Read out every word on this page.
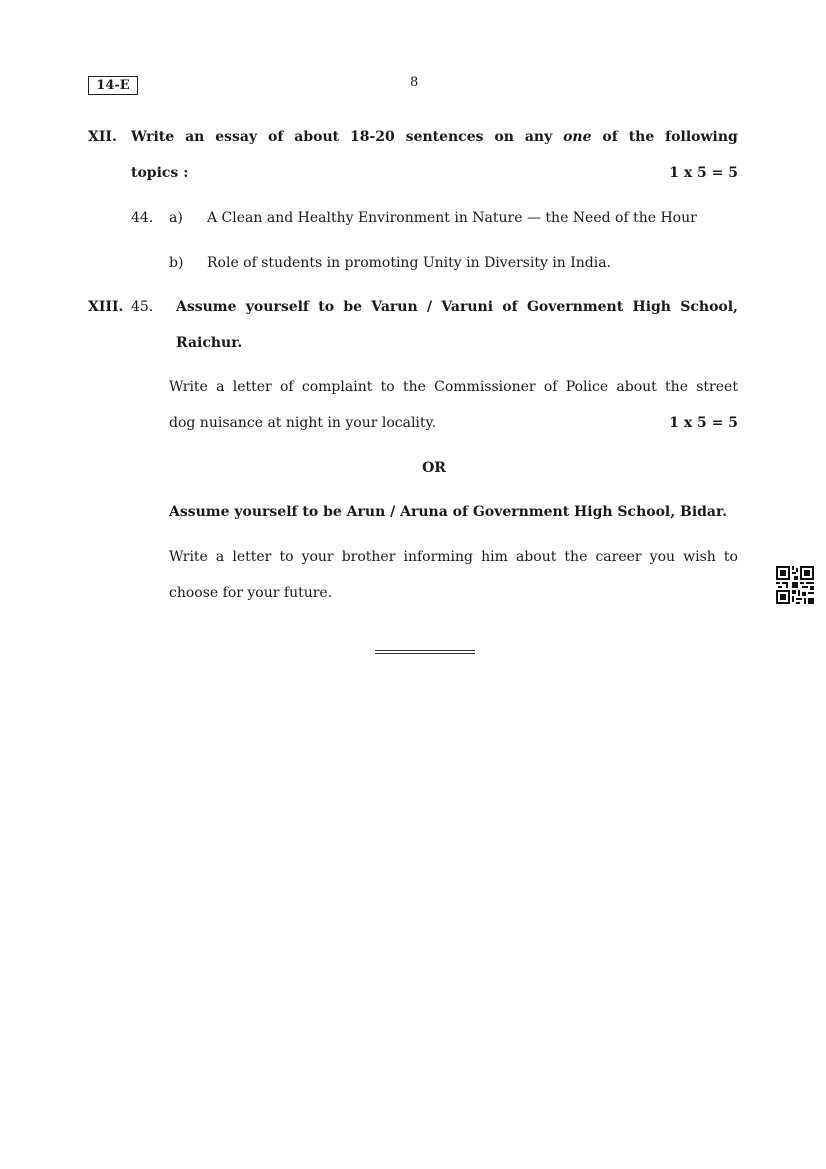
14-E	8
XII. Write an essay of about 18-20 sentences on any one of the following
topics :	1 x 5 = 5
44. a) A Clean and Healthy Environment in Nature — the Need of the Hour
b) Role of students in promoting Unity in Diversity in India.
XIII. 45. Assume yourself to be Varun / Varuni of Government High School,
Raichur.
Write a letter of complaint to the Commissioner of Police about the street
dog nuisance at night in your locality.	1 x 5 = 5
OR
Assume yourself to be Arun / Aruna of Government High School, Bidar.
Write a letter to your brother informing him about the career you wish to
choose for your future.
